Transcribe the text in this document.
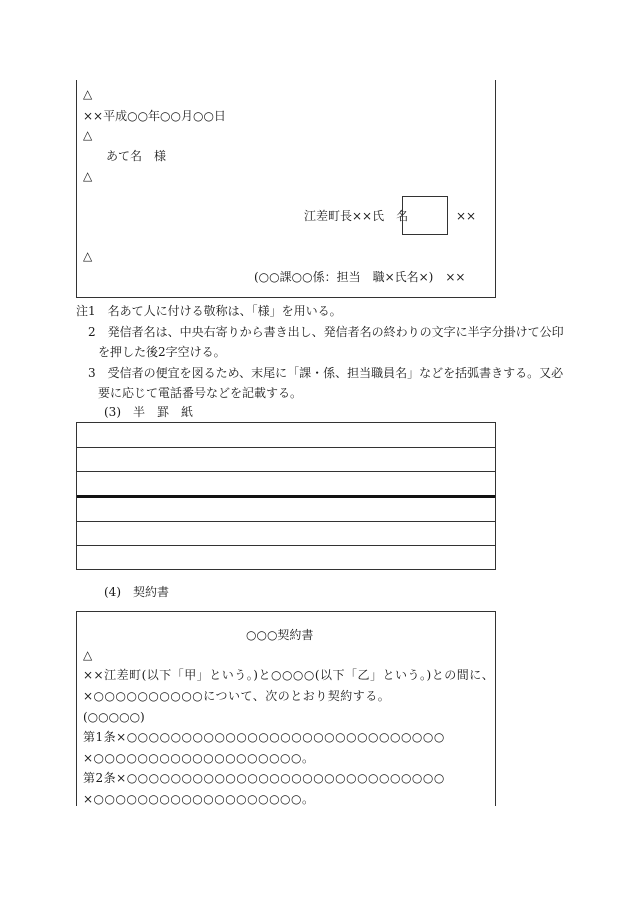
△
××平成○○年○○月○○日
△
あて名　様
△
江差町長××氏　名	××
△
(○○課○○係：担当　職×氏名×)　××
注1　名あて人に付ける敬称は、「様」を用いる。
2　発信者名は、中央右寄りから書き出し、発信者名の終わりの文字に半字分掛けて公印
を押した後2字空ける。
3　受信者の便宜を図るため、末尾に「課・係、担当職員名」などを括弧書きする。又必
要に応じて電話番号などを記載する。
(3)　半　罫　紙
(4)　契約書
○○○契約書
△
××江差町(以下「甲」という。)と○○○○(以下「乙」という。)との間に、
×○○○○○○○○○○について、次のとおり契約する。
(○○○○○)
第1条×○○○○○○○○○○○○○○○○○○○○○○○○○○○○○
×○○○○○○○○○○○○○○○○○○○。
第2条×○○○○○○○○○○○○○○○○○○○○○○○○○○○○○
×○○○○○○○○○○○○○○○○○○○。
